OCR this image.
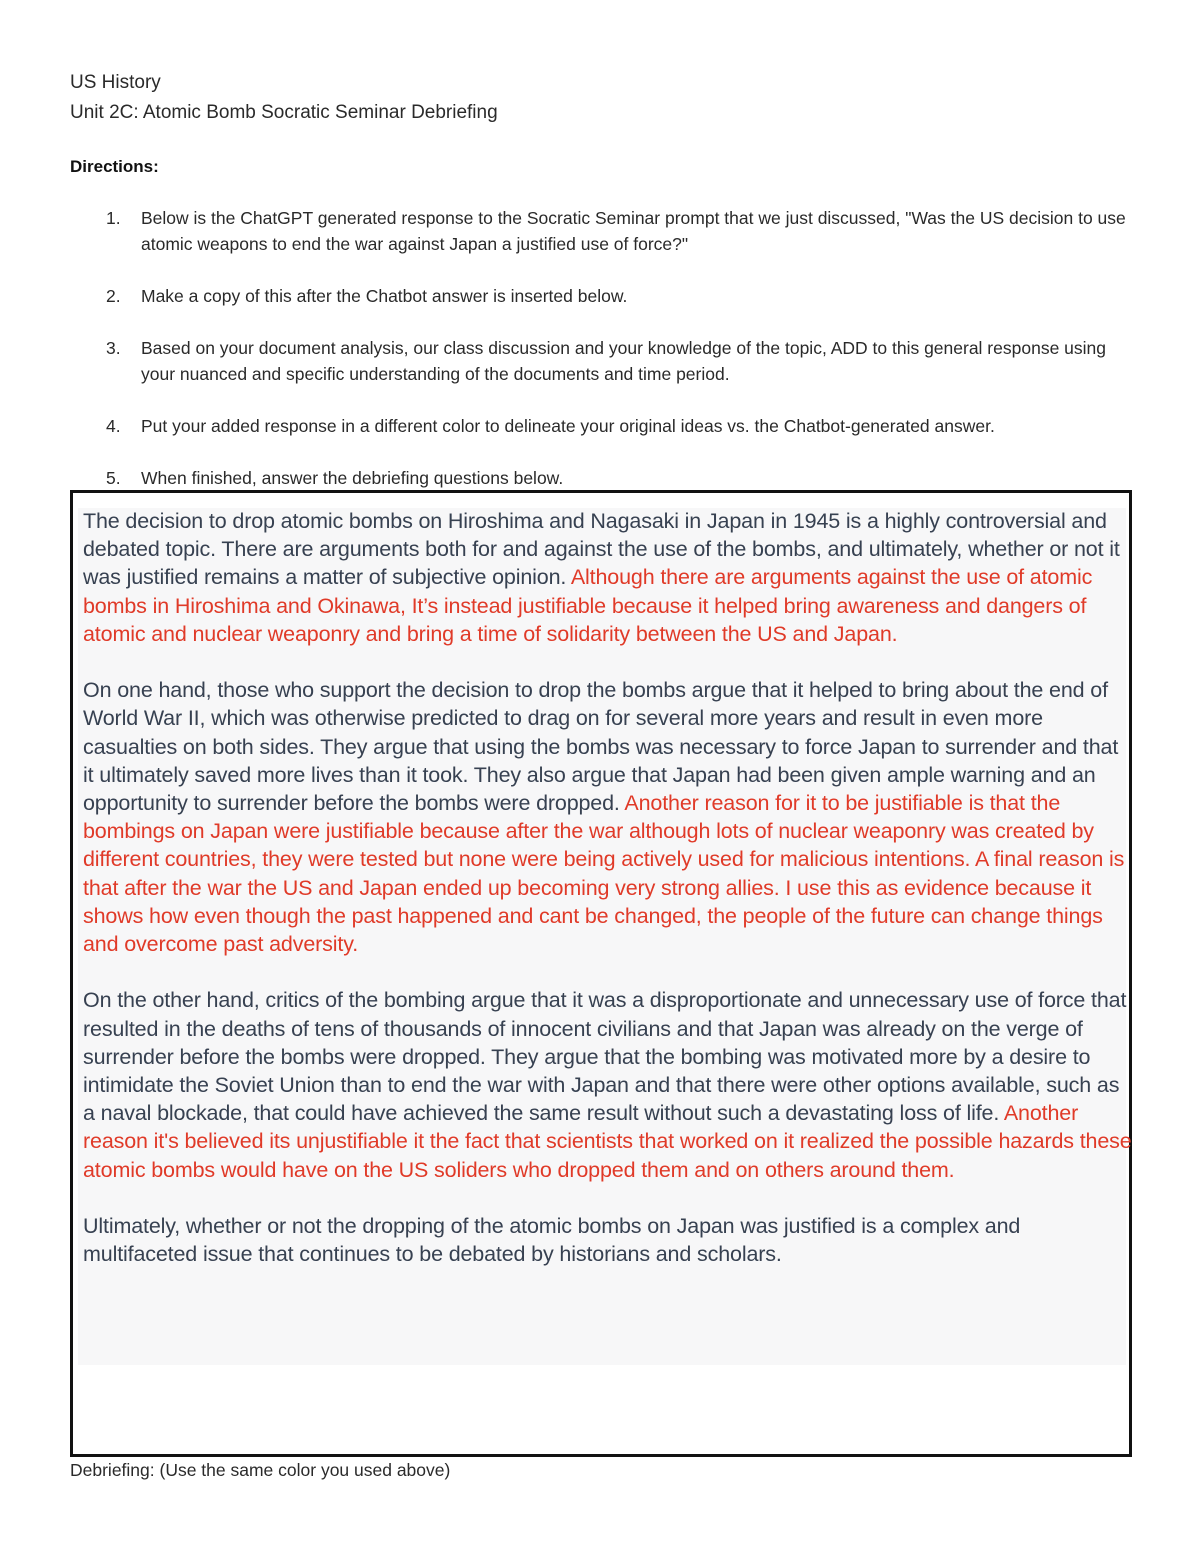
US History
Unit 2C: Atomic Bomb Socratic Seminar Debriefing
Directions:
1. Below is the ChatGPT generated response to the Socratic Seminar prompt that we just discussed, "Was the US decision to use atomic weapons to end the war against Japan a justified use of force?"
2. Make a copy of this after the Chatbot answer is inserted below.
3. Based on your document analysis, our class discussion and your knowledge of the topic, ADD to this general response using your nuanced and specific understanding of the documents and time period.
4. Put your added response in a different color to delineate your original ideas vs. the Chatbot-generated answer.
5. When finished, answer the debriefing questions below.

The decision to drop atomic bombs on Hiroshima and Nagasaki in Japan in 1945 is a highly controversial and debated topic. There are arguments both for and against the use of the bombs, and ultimately, whether or not it was justified remains a matter of subjective opinion. Although there are arguments against the use of atomic bombs in Hiroshima and Okinawa, It’s instead justifiable because it helped bring awareness and dangers of atomic and nuclear weaponry and bring a time of solidarity between the US and Japan.

On one hand, those who support the decision to drop the bombs argue that it helped to bring about the end of World War II, which was otherwise predicted to drag on for several more years and result in even more casualties on both sides. They argue that using the bombs was necessary to force Japan to surrender and that it ultimately saved more lives than it took. They also argue that Japan had been given ample warning and an opportunity to surrender before the bombs were dropped. Another reason for it to be justifiable is that the bombings on Japan were justifiable because after the war although lots of nuclear weaponry was created by different countries, they were tested but none were being actively used for malicious intentions. A final reason is that after the war the US and Japan ended up becoming very strong allies. I use this as evidence because it shows how even though the past happened and cant be changed, the people of the future can change things and overcome past adversity.

On the other hand, critics of the bombing argue that it was a disproportionate and unnecessary use of force that resulted in the deaths of tens of thousands of innocent civilians and that Japan was already on the verge of surrender before the bombs were dropped. They argue that the bombing was motivated more by a desire to intimidate the Soviet Union than to end the war with Japan and that there were other options available, such as a naval blockade, that could have achieved the same result without such a devastating loss of life. Another reason it's believed its unjustifiable it the fact that scientists that worked on it realized the possible hazards these atomic bombs would have on the US soliders who dropped them and on others around them.

Ultimately, whether or not the dropping of the atomic bombs on Japan was justified is a complex and multifaceted issue that continues to be debated by historians and scholars.

Debriefing: (Use the same color you used above)
